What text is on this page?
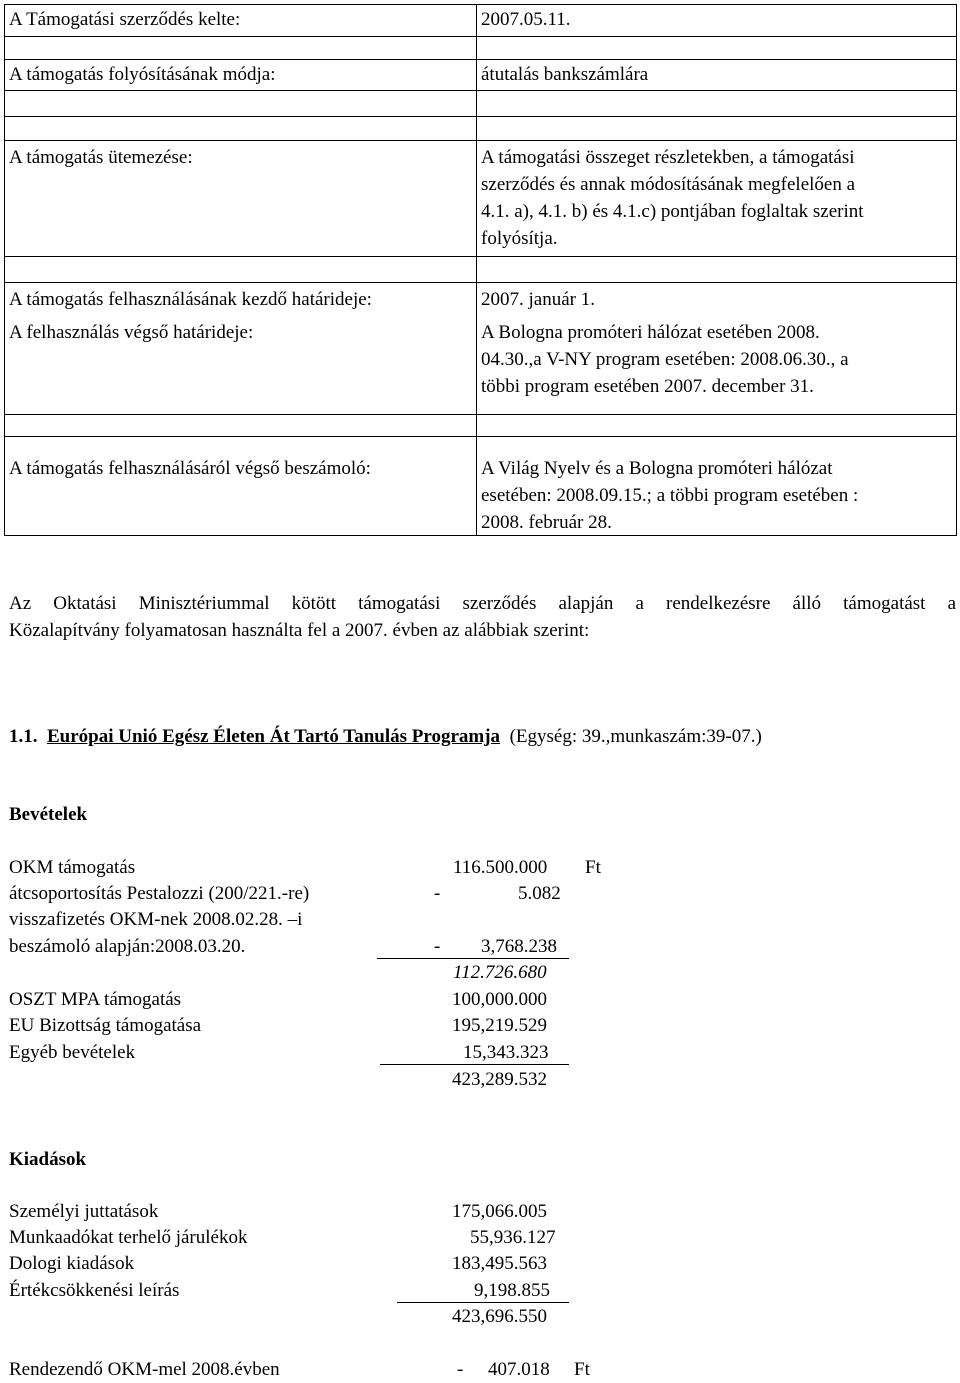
A Támogatási szerződés kelte:	2007.05.11.
A támogatás folyósításának módja:	átutalás bankszámlára
A támogatás ütemezése:	A támogatási összeget részletekben, a támogatási
szerződés és annak módosításának megfelelően a
4.1. a), 4.1. b) és 4.1.c) pontjában foglaltak szerint
folyósítja.
A támogatás felhasználásának kezdő határideje:	2007. január 1.
A felhasználás végső határideje:	A Bologna promóteri hálózat esetében 2008.
04.30.,a V-NY program esetében: 2008.06.30., a
többi program esetében 2007. december 31.
A támogatás felhasználásáról végső beszámoló:	A Világ Nyelv és a Bologna promóteri hálózat
esetében: 2008.09.15.; a többi program esetében :
2008. február 28.
Az Oktatási Minisztériummal kötött támogatási szerződés alapján a rendelkezésre álló támogatást a
Közalapítvány folyamatosan használta fel a 2007. évben az alábbiak szerint:
1.1. Európai Unió Egész Életen Át Tartó Tanulás Programja (Egység: 39.,munkaszám:39-07.)
Bevételek
OKM támogatás	116.500.000 Ft
átcsoportosítás Pestalozzi (200/221.-re)	-	5.082
visszafizetés OKM-nek 2008.02.28. –i
beszámoló alapján:2008.03.20.	- 3,768.238
112.726.680
OSZT MPA támogatás	100,000.000
EU Bizottság támogatása	195,219.529
Egyéb bevételek	15,343.323
423,289.532
Kiadások
Személyi juttatások	175,066.005
Munkaadókat terhelő járulékok	55,936.127
Dologi kiadások	183,495.563
Értékcsökkenési leírás	9,198.855
423,696.550
Rendezendő OKM-mel 2008.évben	- 407.018 Ft
